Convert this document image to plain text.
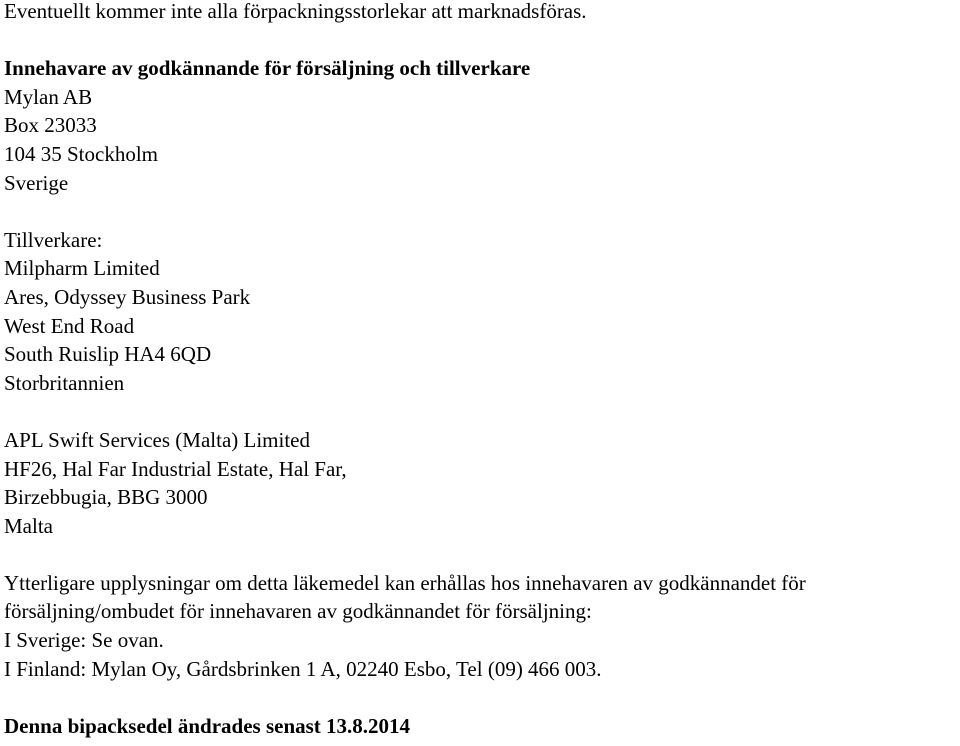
Eventuellt kommer inte alla förpackningsstorlekar att marknadsföras.
Innehavare av godkännande för försäljning och tillverkare
Mylan AB
Box 23033
104 35 Stockholm
Sverige
Tillverkare:
Milpharm Limited
Ares, Odyssey Business Park
West End Road
South Ruislip HA4 6QD
Storbritannien
APL Swift Services (Malta) Limited
HF26, Hal Far Industrial Estate, Hal Far,
Birzebbugia, BBG 3000
Malta
Ytterligare upplysningar om detta läkemedel kan erhållas hos innehavaren av godkännandet för
försäljning/ombudet för innehavaren av godkännandet för försäljning:
I Sverige: Se ovan.
I Finland: Mylan Oy, Gårdsbrinken 1 A, 02240 Esbo, Tel (09) 466 003.
Denna bipacksedel ändrades senast 13.8.2014
